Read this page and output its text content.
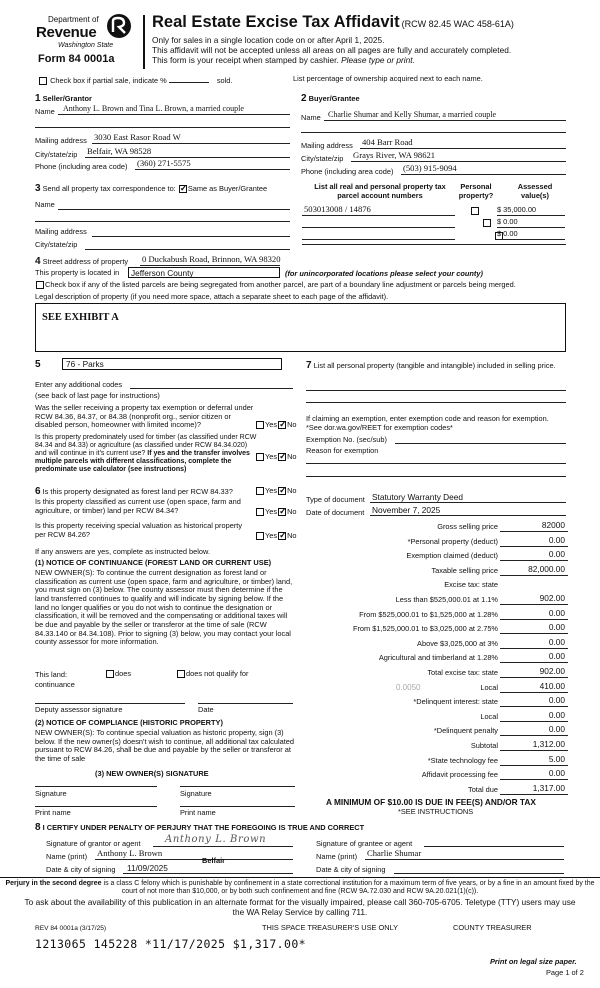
Department of
Revenue
Washington State
Form 84 0001a
Real Estate Excise Tax Affidavit (RCW 82.45 WAC 458-61A)
Only for sales in a single location code on or after April 1, 2025.
This affidavit will not be accepted unless all areas on all pages are fully and accurately completed.
This form is your receipt when stamped by cashier. Please type or print.
Check box if partial sale, indicate %	sold.	List percentage of ownership acquired next to each name.
1 Seller/Grantor
Name Anthony L. Brown and Tina L. Brown, a married couple
Mailing address 3030 East Rasor Road W
City/state/zip Belfair, WA 98528
Phone (including area code) (360) 271-5575
2 Buyer/Grantee
Name Charlie Shumar and Kelly Shumar, a married couple
Mailing address 404 Barr Road
City/state/zip Grays River, WA 98621
Phone (including area code) (503) 915-9094
3 Send all property tax correspondence to: ✓ Same as Buyer/Grantee
Name
Mailing address
City/state/zip
List all real and personal property tax parcel account numbers
Personal property?
Assessed value(s)
503013008 / 14876
	$ 35,000.00

$ 0.00
$ 0.00
4 Street address of property 0 Duckabush Road, Brinnon, WA 98320
This property is located in	Jefferson County	(for unincorporated locations please select your county)
Check box if any of the listed parcels are being segregated from another parcel, are part of a boundary line adjustment or parcels being merged.
Legal description of property (if you need more space, attach a separate sheet to each page of the affidavit).
SEE EXHIBIT A
5	76 - Parks
Enter any additional codes
(see back of last page for instructions)
Was the seller receiving a property tax exemption or deferral under RCW 84.36, 84.37, or 84.38 (nonprofit org., senior citizen or disabled person, homeowner with limited income)?	Yes ✓ No
Is this property predominately used for timber (as classified under RCW 84.34 and 84.33) or agriculture (as classified under RCW 84.34.020) and will continue in it's current use? If yes and the transfer involves multiple parcels with different classifications, complete the predominate use calculator (see instructions)
Yes ✓ No
6 Is this property designated as forest land per RCW 84.33?	Yes ✓ No
Is this property classified as current use (open space, farm and agriculture, or timber) land per RCW 84.34?	Yes ✓ No
Is this property receiving special valuation as historical property per RCW 84.26?	Yes ✓ No
If any answers are yes, complete as instructed below.
(1) NOTICE OF CONTINUANCE (FOREST LAND OR CURRENT USE)
NEW OWNER(S): To continue the current designation as forest land or classification as current use (open space, farm and agriculture, or timber) land, you must sign on (3) below. The county assessor must then determine if the land transferred continues to qualify and will indicate by signing below. If the land no longer qualifies or you do not wish to continue the designation or classification, it will be removed and the compensating or additional taxes will be due and payable by the seller or transferor at the time of sale (RCW 84.33.140 or 84.34.108). Prior to signing (3) below, you may contact your local county assessor for more information.
This land:
continuance
does	does not qualify for
Deputy assessor signature	Date
(2) NOTICE OF COMPLIANCE (HISTORIC PROPERTY)
NEW OWNER(S): To continue special valuation as historic property, sign (3) below. If the new owner(s) doesn't wish to continue, all additional tax calculated pursuant to RCW 84.26, shall be due and payable by the seller or transferor at the time of sale
(3) NEW OWNER(S) SIGNATURE
Signature	Signature
Print name	Print name
7 List all personal property (tangible and intangible) included in selling price.
If claiming an exemption, enter exemption code and reason for exemption. *See dor.wa.gov/REET for exemption codes*
Exemption No. (sec/sub)
Reason for exemption
Type of document Statutory Warranty Deed
Date of document November 7, 2025
Gross selling price	82000
*Personal property (deduct)	0.00
Exemption claimed (deduct)	0.00
Taxable selling price	82,000.00
Excise tax: state
Less than $525,000.01 at 1.1%	902.00
From $525,000.01 to $1,525,000 at 1.28%	0.00
From $1,525,000.01 to $3,025,000 at 2.75%	0.00
Above $3,025,000 at 3%	0.00
Agricultural and timberland at 1.28%	0.00
Total excise tax: state	902.00
Local	410.00
*Delinquent interest: state	0.00
Local	0.00
*Delinquent penalty	0.00
Subtotal	1,312.00
*State technology fee	5.00
Affidavit processing fee	0.00
Total due	1,317.00
0.0050
A MINIMUM OF $10.00 IS DUE IN FEE(S) AND/OR TAX
*SEE INSTRUCTIONS
8 I CERTIFY UNDER PENALTY OF PERJURY THAT THE FOREGOING IS TRUE AND CORRECT
Signature of grantor or agent Anthony L. Brown
Name (print) Anthony L. Brown
Date & city of signing 11/09/2025
Belfair
Signature of grantee or agent
Name (print) Charlie Shumar
Date & city of signing
Perjury in the second degree is a class C felony which is punishable by confinement in a state correctional institution for a maximum term of five years, or by a fine in an amount fixed by the court of not more than $10,000, or by both such confinement and fine (RCW 9A.72.030 and RCW 9A.20.021(1)(c)).
To ask about the availability of this publication in an alternate format for the visually impaired, please call 360-705-6705. Teletype (TTY) users may use the WA Relay Service by calling 711.
REV 84 0001a (3/17/25)	THIS SPACE TREASURER'S USE ONLY	COUNTY TREASURER
1213065 145228 *11/17/2025 $1,317.00*
Print on legal size paper.
Page 1 of 2
